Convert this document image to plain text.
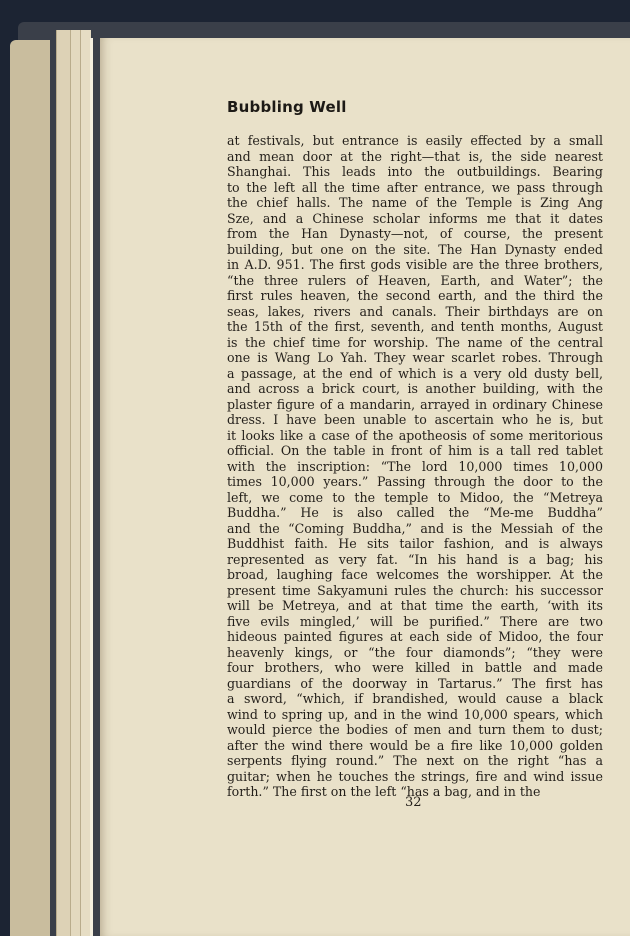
Bubbling Well
at festivals, but entrance is easily effected by a small
and mean door at the right—that is, the side nearest
Shanghai. This leads into the outbuildings. Bearing
to the left all the time after entrance, we pass through
the chief halls. The name of the Temple is Zing Ang
Sze, and a Chinese scholar informs me that it dates
from the Han Dynasty—not, of course, the present
building, but one on the site. The Han Dynasty ended
in A.D. 951. The first gods visible are the three brothers,
“the three rulers of Heaven, Earth, and Water”; the
first rules heaven, the second earth, and the third the
seas, lakes, rivers and canals. Their birthdays are on
the 15th of the first, seventh, and tenth months, August
is the chief time for worship. The name of the central
one is Wang Lo Yah. They wear scarlet robes. Through
a passage, at the end of which is a very old dusty bell,
and across a brick court, is another building, with the
plaster figure of a mandarin, arrayed in ordinary Chinese
dress. I have been unable to ascertain who he is, but
it looks like a case of the apotheosis of some meritorious
official. On the table in front of him is a tall red tablet
with the inscription: “The lord 10,000 times 10,000
times 10,000 years.” Passing through the door to the
left, we come to the temple to Midoo, the “Metreya
Buddha.” He is also called the “Me-me Buddha”
and the “Coming Buddha,” and is the Messiah of the
Buddhist faith. He sits tailor fashion, and is always
represented as very fat. “In his hand is a bag; his
broad, laughing face welcomes the worshipper. At the
present time Sakyamuni rules the church: his successor
will be Metreya, and at that time the earth, ‘with its
five evils mingled,’ will be purified.” There are two
hideous painted figures at each side of Midoo, the four
heavenly kings, or “the four diamonds”; “they were
four brothers, who were killed in battle and made
guardians of the doorway in Tartarus.” The first has
a sword, “which, if brandished, would cause a black
wind to spring up, and in the wind 10,000 spears, which
would pierce the bodies of men and turn them to dust;
after the wind there would be a fire like 10,000 golden
serpents flying round.” The next on the right “has a
guitar; when he touches the strings, fire and wind issue
forth.” The first on the left “has a bag, and in the

32
